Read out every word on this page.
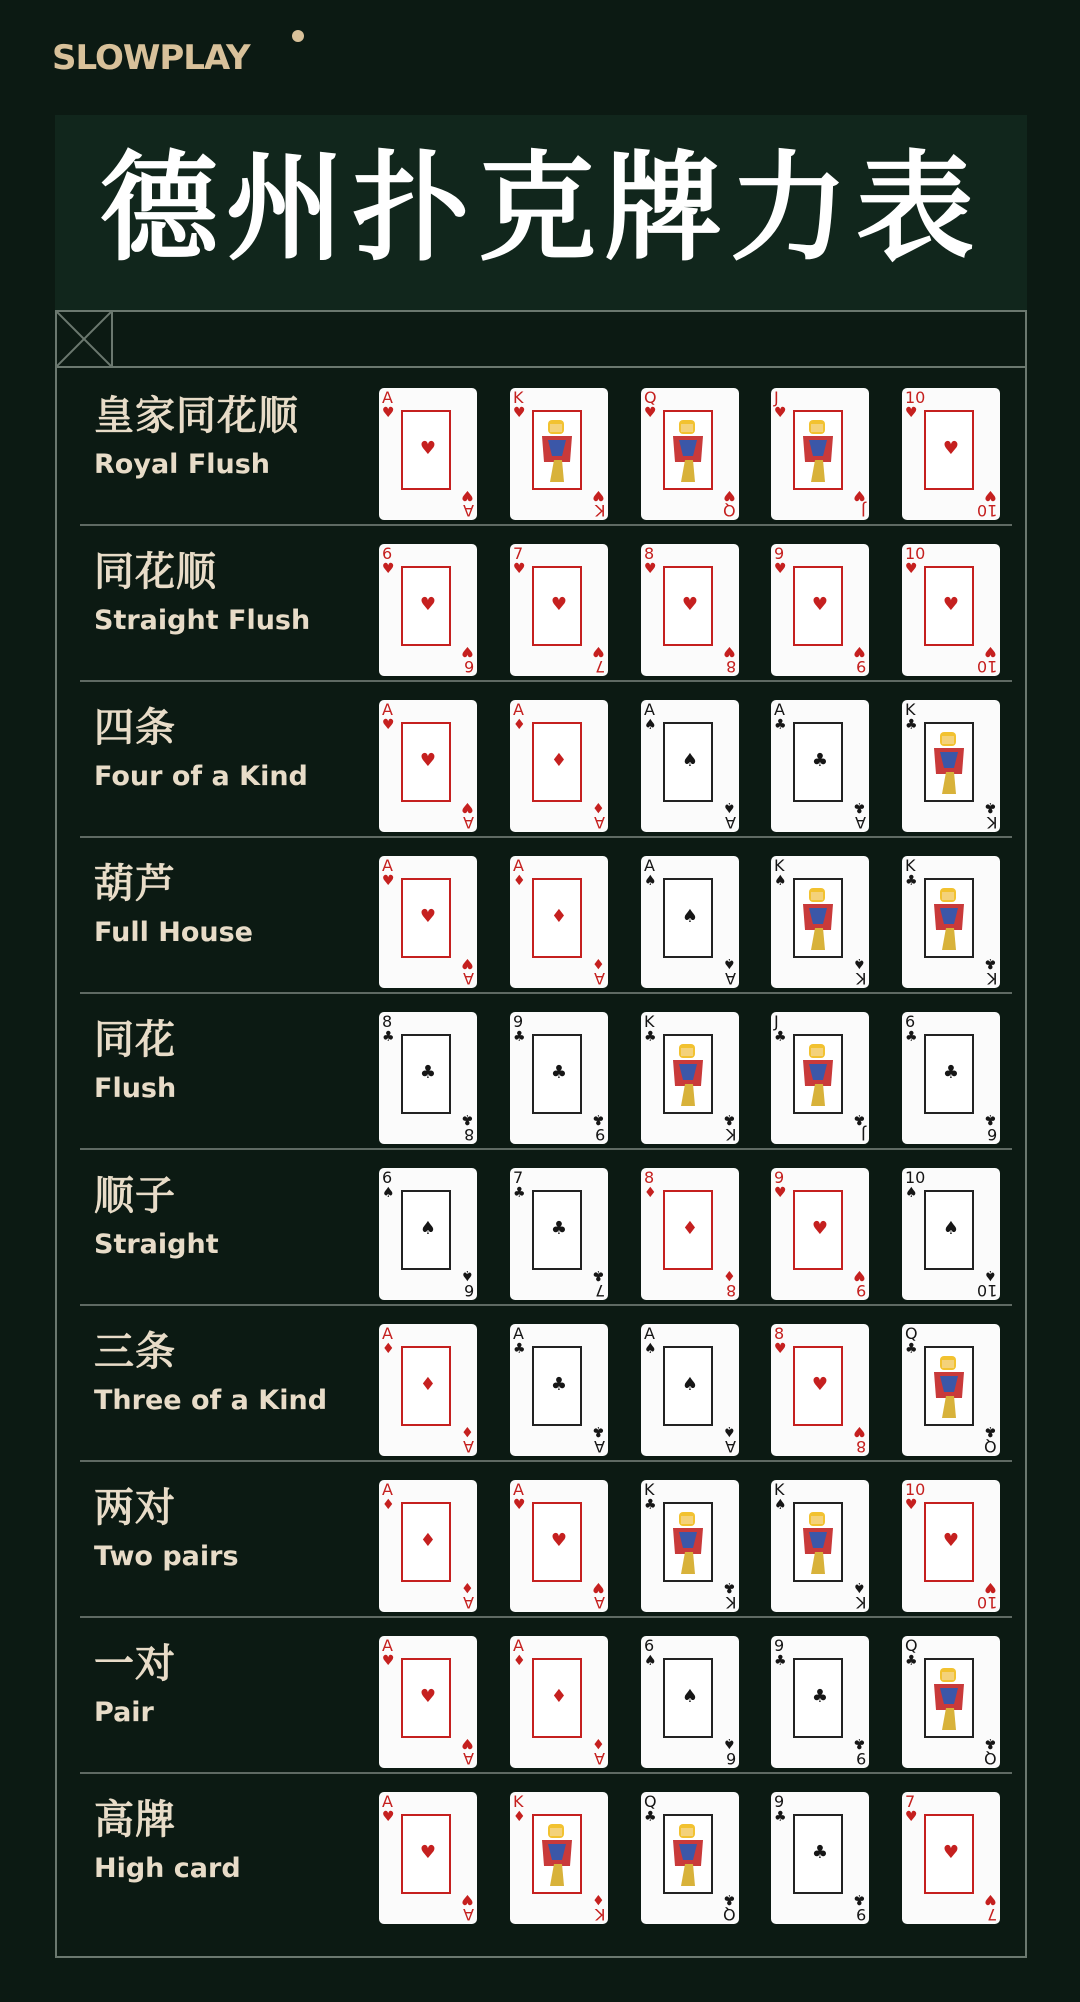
SLOWPLAY
德州扑克牌力表
皇家同花顺
Royal Flush
A
♥
A
♥
♥
K
♥
K
♥
Q
♥
Q
♥
J
♥
J
♥
10
♥
10
♥
♥
同花顺
Straight Flush
6
♥
6
♥
♥
7
♥
7
♥
♥
8
♥
8
♥
♥
9
♥
9
♥
♥
10
♥
10
♥
♥
四条
Four of a Kind
A
♥
A
♥
♥
A
♦
A
♦
♦
A
♠
A
♠
♠
A
♣
A
♣
♣
K
♣
K
♣
葫芦
Full House
A
♥
A
♥
♥
A
♦
A
♦
♦
A
♠
A
♠
♠
K
♠
K
♠
K
♣
K
♣
同花
Flush
8
♣
8
♣
♣
9
♣
9
♣
♣
K
♣
K
♣
J
♣
J
♣
6
♣
6
♣
♣
顺子
Straight
6
♠
6
♠
♠
7
♣
7
♣
♣
8
♦
8
♦
♦
9
♥
9
♥
♥
10
♠
10
♠
♠
三条
Three of a Kind
A
♦
A
♦
♦
A
♣
A
♣
♣
A
♠
A
♠
♠
8
♥
8
♥
♥
Q
♣
Q
♣
两对
Two pairs
A
♦
A
♦
♦
A
♥
A
♥
♥
K
♣
K
♣
K
♠
K
♠
10
♥
10
♥
♥
一对
Pair
A
♥
A
♥
♥
A
♦
A
♦
♦
6
♠
6
♠
♠
9
♣
9
♣
♣
Q
♣
Q
♣
高牌
High card
A
♥
A
♥
♥
K
♦
K
♦
Q
♣
Q
♣
9
♣
9
♣
♣
7
♥
7
♥
♥
